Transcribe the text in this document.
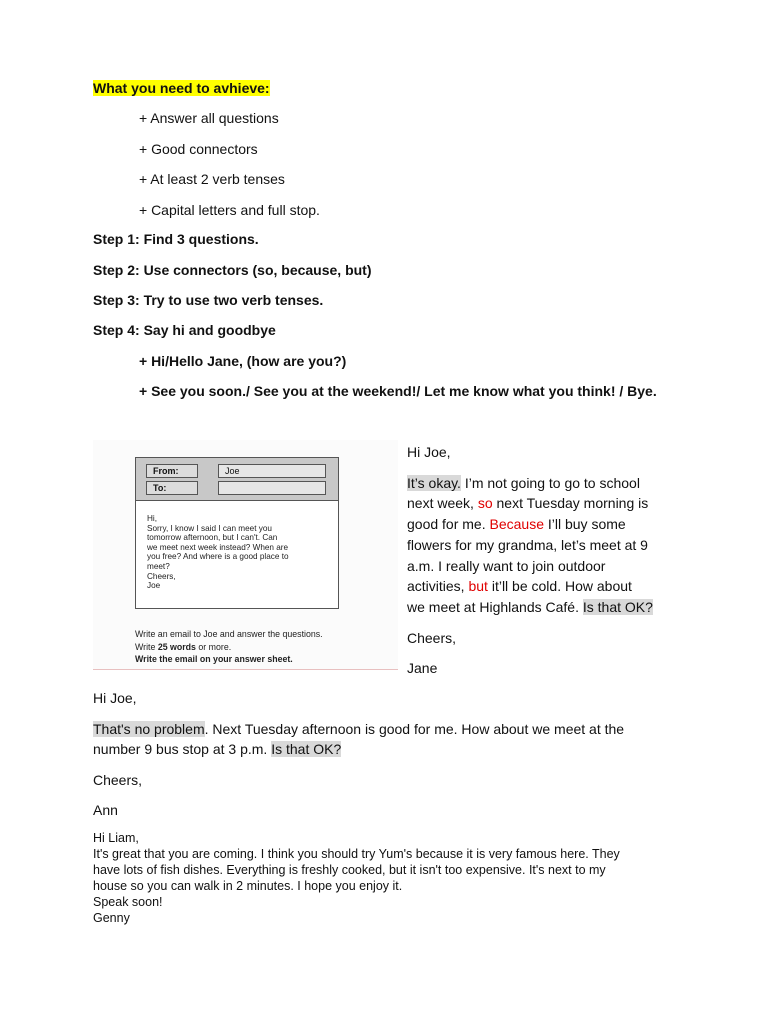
What you need to avhieve:
+ Answer all questions
+ Good connectors
+ At least 2 verb tenses
+ Capital letters and full stop.
Step 1: Find 3 questions.
Step 2: Use connectors (so, because, but)
Step 3: Try to use two verb tenses.
Step 4: Say hi and goodbye
+ Hi/Hello Jane, (how are you?)
+ See you soon./ See you at the weekend!/ Let me know what you think! / Bye.
From:	Joe
To:
Hi,
Sorry, I know I said I can meet you
tomorrow afternoon, but I can't. Can
we meet next week instead? When are
you free? And where is a good place to
meet?
Cheers,
Joe
Write an email to Joe and answer the questions.
Write 25 words or more.
Write the email on your answer sheet.
Hi Joe,
It’s okay. I’m not going to go to school
next week, so next Tuesday morning is
good for me. Because I’ll buy some
flowers for my grandma, let’s meet at 9
a.m. I really want to join outdoor
activities, but it’ll be cold. How about
we meet at Highlands Café. Is that OK?
Cheers,
Jane
Hi Joe,
That's no problem. Next Tuesday afternoon is good for me. How about we meet at the
number 9 bus stop at 3 p.m. Is that OK?
Cheers,
Ann
Hi Liam,
It's great that you are coming. I think you should try Yum's because it is very famous here. They
have lots of fish dishes. Everything is freshly cooked, but it isn't too expensive. It's next to my
house so you can walk in 2 minutes. I hope you enjoy it.
Speak soon!
Genny
